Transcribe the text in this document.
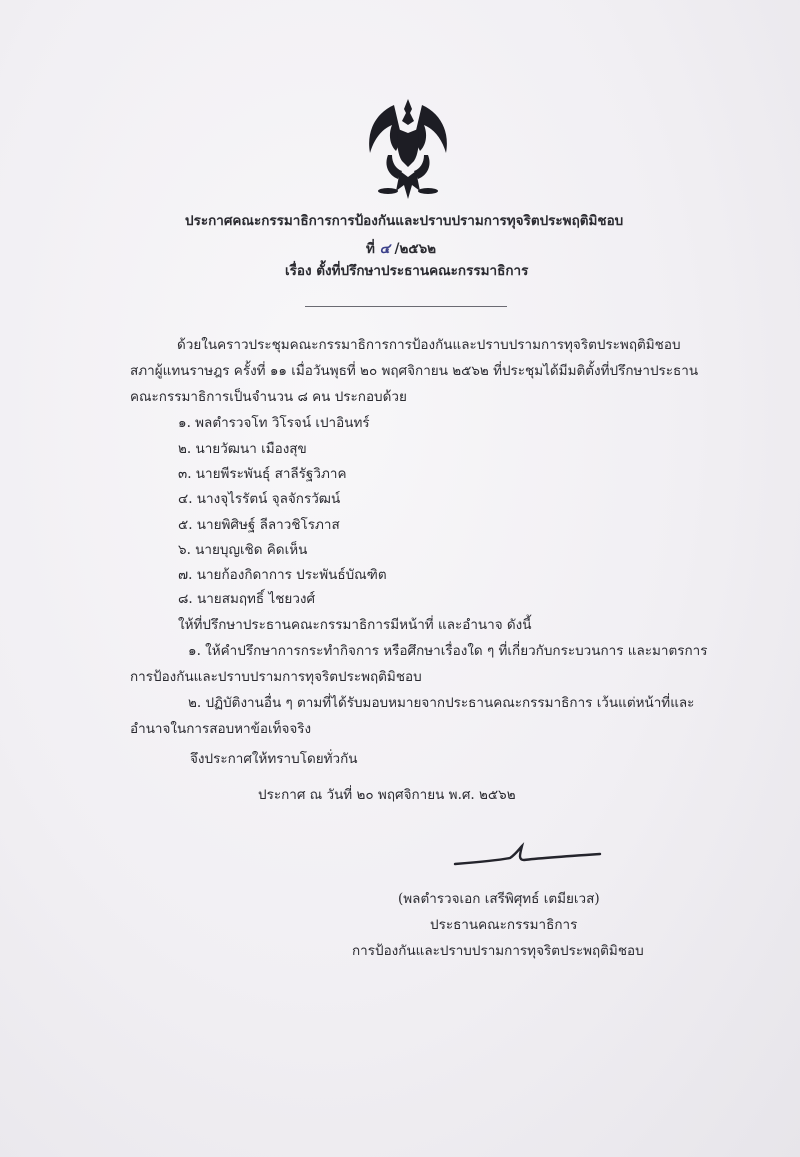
ประกาศคณะกรรมาธิการการป้องกันและปราบปรามการทุจริตประพฤติมิชอบ
ที่ ๔ /๒๕๖๒
เรื่อง ตั้งที่ปรึกษาประธานคณะกรรมาธิการ
ด้วยในคราวประชุมคณะกรรมาธิการการป้องกันและปราบปรามการทุจริตประพฤติมิชอบ
สภาผู้แทนราษฎร ครั้งที่ ๑๑ เมื่อวันพุธที่ ๒๐ พฤศจิกายน ๒๕๖๒ ที่ประชุมได้มีมติตั้งที่ปรึกษาประธาน
คณะกรรมาธิการเป็นจำนวน ๘ คน ประกอบด้วย
๑. พลตำรวจโท วิโรจน์ เปาอินทร์
๒. นายวัฒนา เมืองสุข
๓. นายพีระพันธุ์ สาลีรัฐวิภาค
๔. นางจุไรรัตน์ จุลจักรวัฒน์
๕. นายพิศิษฐ์ ลีลาวชิโรภาส
๖. นายบุญเชิด คิดเห็น
๗. นายก้องกิดาการ ประพันธ์บัณฑิต
๘. นายสมฤทธิ์ ไชยวงศ์
ให้ที่ปรึกษาประธานคณะกรรมาธิการมีหน้าที่ และอำนาจ ดังนี้
๑. ให้คำปรึกษาการกระทำกิจการ หรือศึกษาเรื่องใด ๆ ที่เกี่ยวกับกระบวนการ และมาตรการ
การป้องกันและปราบปรามการทุจริตประพฤติมิชอบ
๒. ปฏิบัติงานอื่น ๆ ตามที่ได้รับมอบหมายจากประธานคณะกรรมาธิการ เว้นแต่หน้าที่และ
อำนาจในการสอบหาข้อเท็จจริง
จึงประกาศให้ทราบโดยทั่วกัน
ประกาศ ณ วันที่ ๒๐ พฤศจิกายน พ.ศ. ๒๕๖๒
(พลตำรวจเอก เสรีพิศุทธ์ เตมียเวส)
ประธานคณะกรรมาธิการ
การป้องกันและปราบปรามการทุจริตประพฤติมิชอบ
